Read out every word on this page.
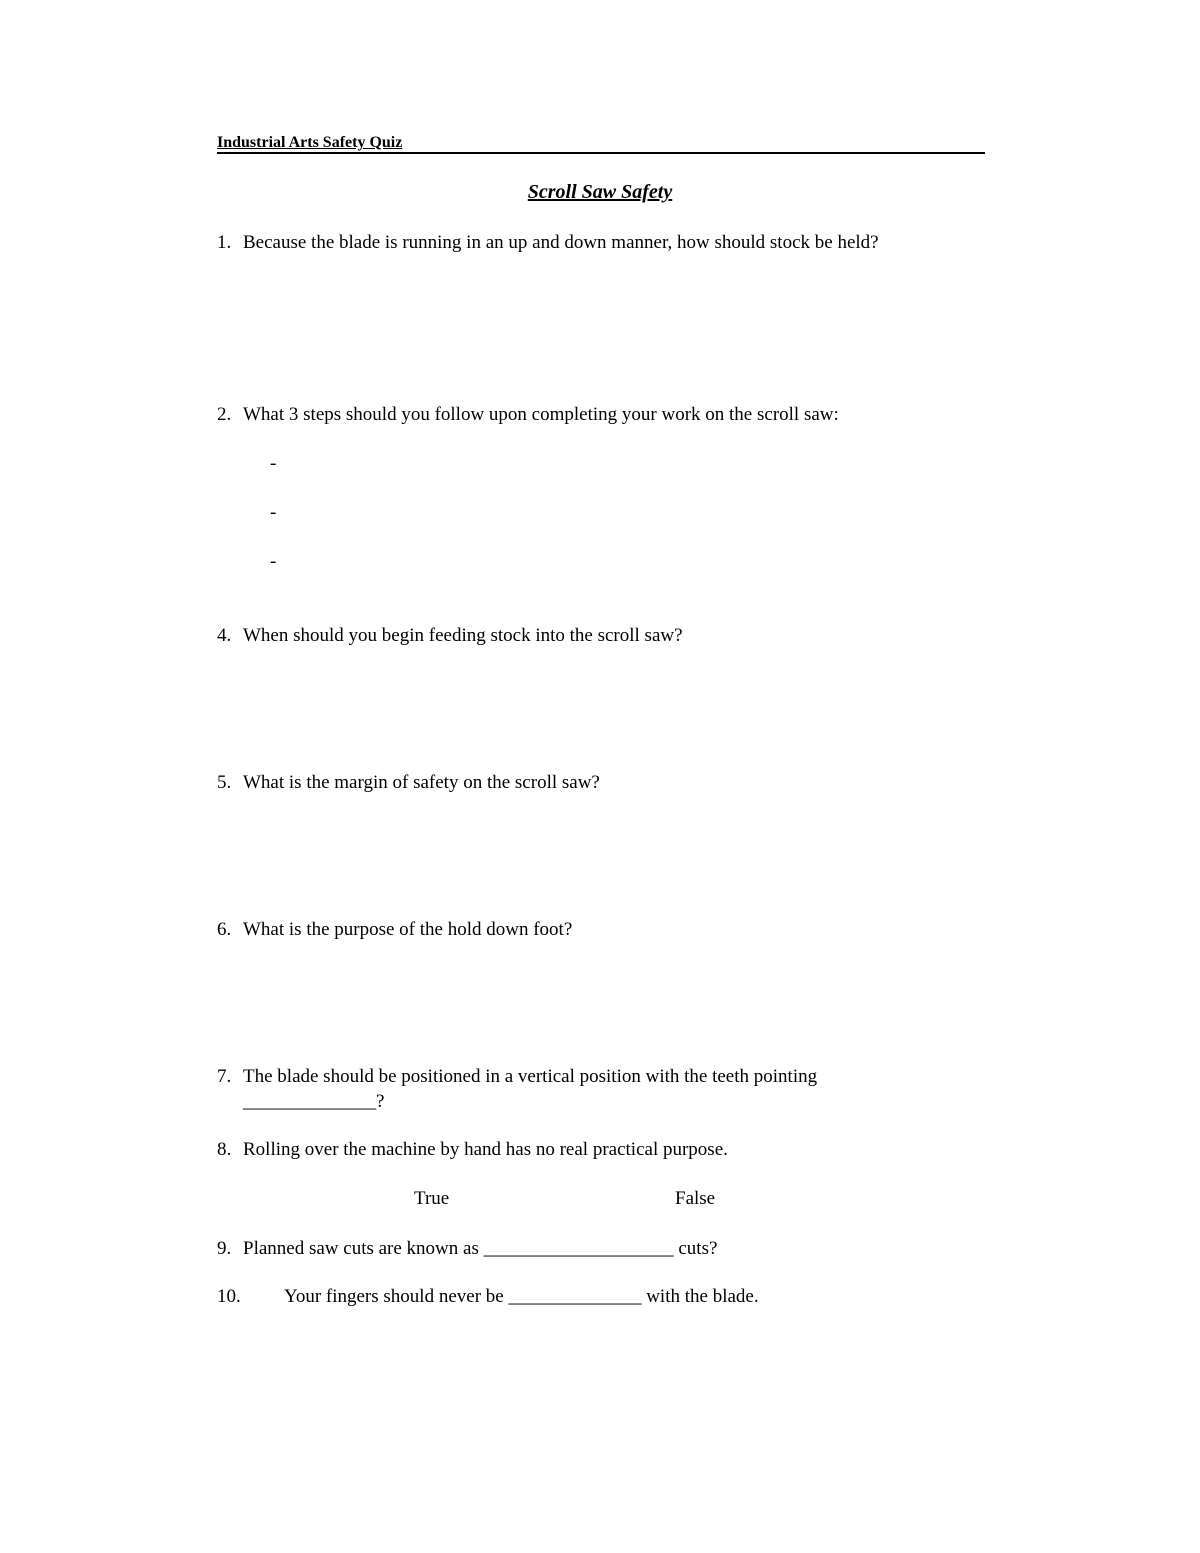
Industrial Arts Safety Quiz
Scroll Saw Safety
1. Because the blade is running in an up and down manner, how should stock be held?
2. What 3 steps should you follow upon completing your work on the scroll saw:
-
-
-
4. When should you begin feeding stock into the scroll saw?
5. What is the margin of safety on the scroll saw?
6. What is the purpose of the hold down foot?
7. The blade should be positioned in a vertical position with the teeth pointing
______________?
8. Rolling over the machine by hand has no real practical purpose.
True	False
9. Planned saw cuts are known as ____________________ cuts?
10. Your fingers should never be ______________ with the blade.
